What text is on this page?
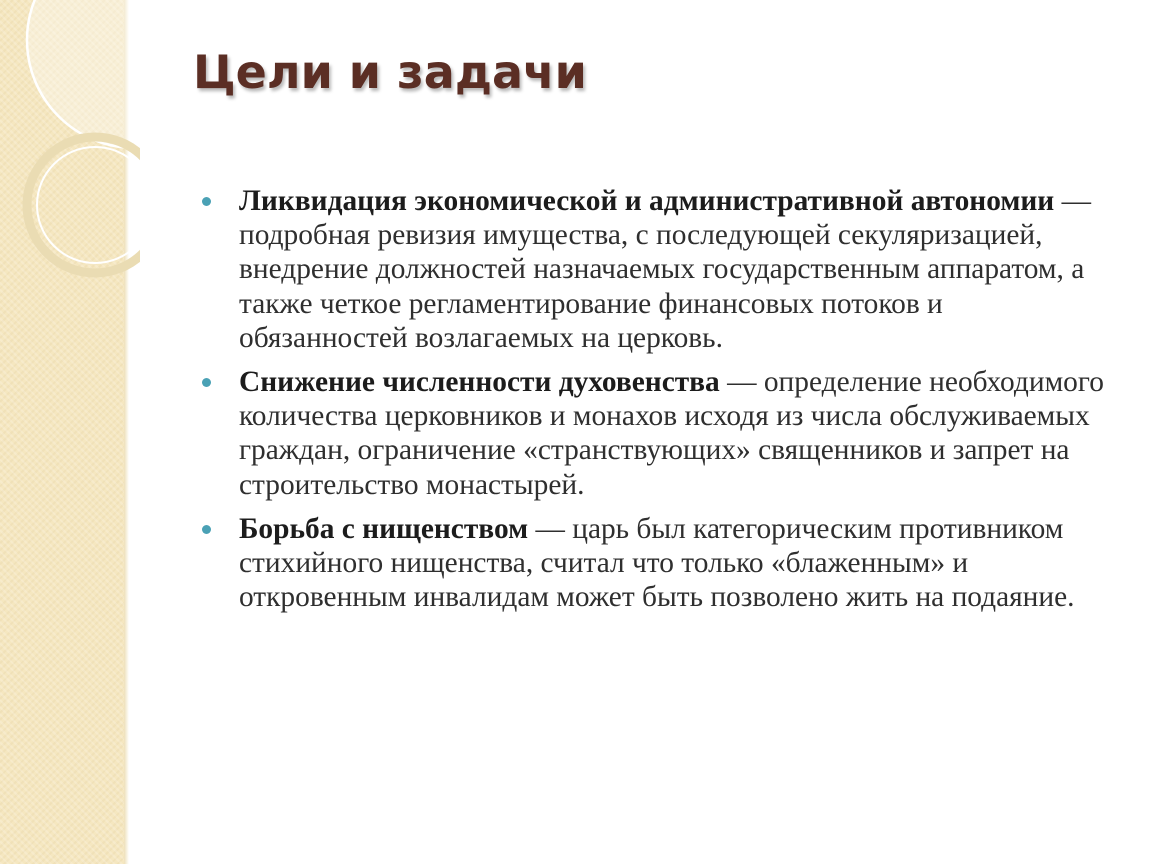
Цели и задачи
Ликвидация экономической и административной автономии — подробная ревизия имущества, с последующей секуляризацией, внедрение должностей назначаемых государственным аппаратом, а также четкое регламентирование финансовых потоков и обязанностей возлагаемых на церковь.
Снижение численности духовенства — определение необходимого количества церковников и монахов исходя из числа обслуживаемых граждан, ограничение «странствующих» священников и запрет на строительство монастырей.
Борьба с нищенством — царь был категорическим противником стихийного нищенства, считал что только «блаженным» и откровенным инвалидам может быть позволено жить на подаяние.
